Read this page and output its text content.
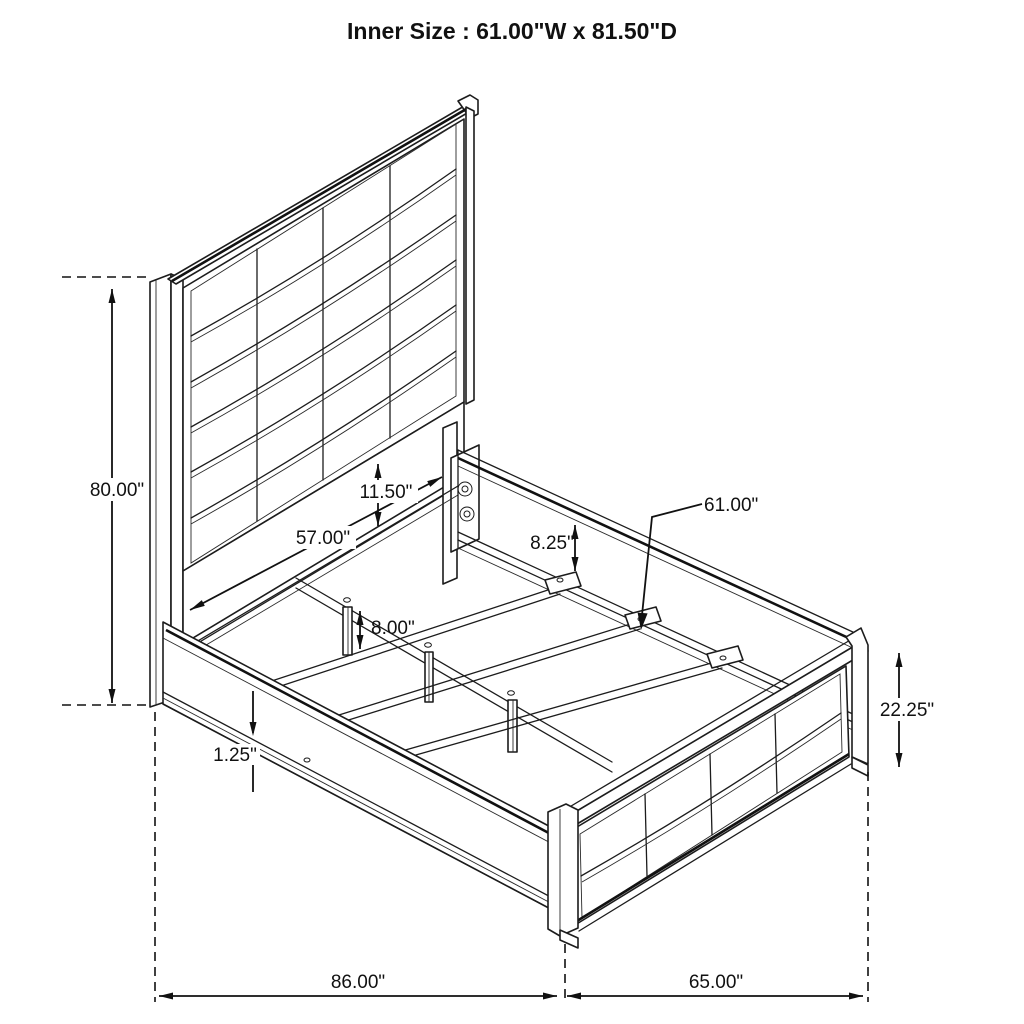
80.00"
57.00"
11.50"
8.25"
61.00"
8.00"
1.25"
22.25"
86.00"	65.00"
Inner Size : 61.00"W x 81.50"D
